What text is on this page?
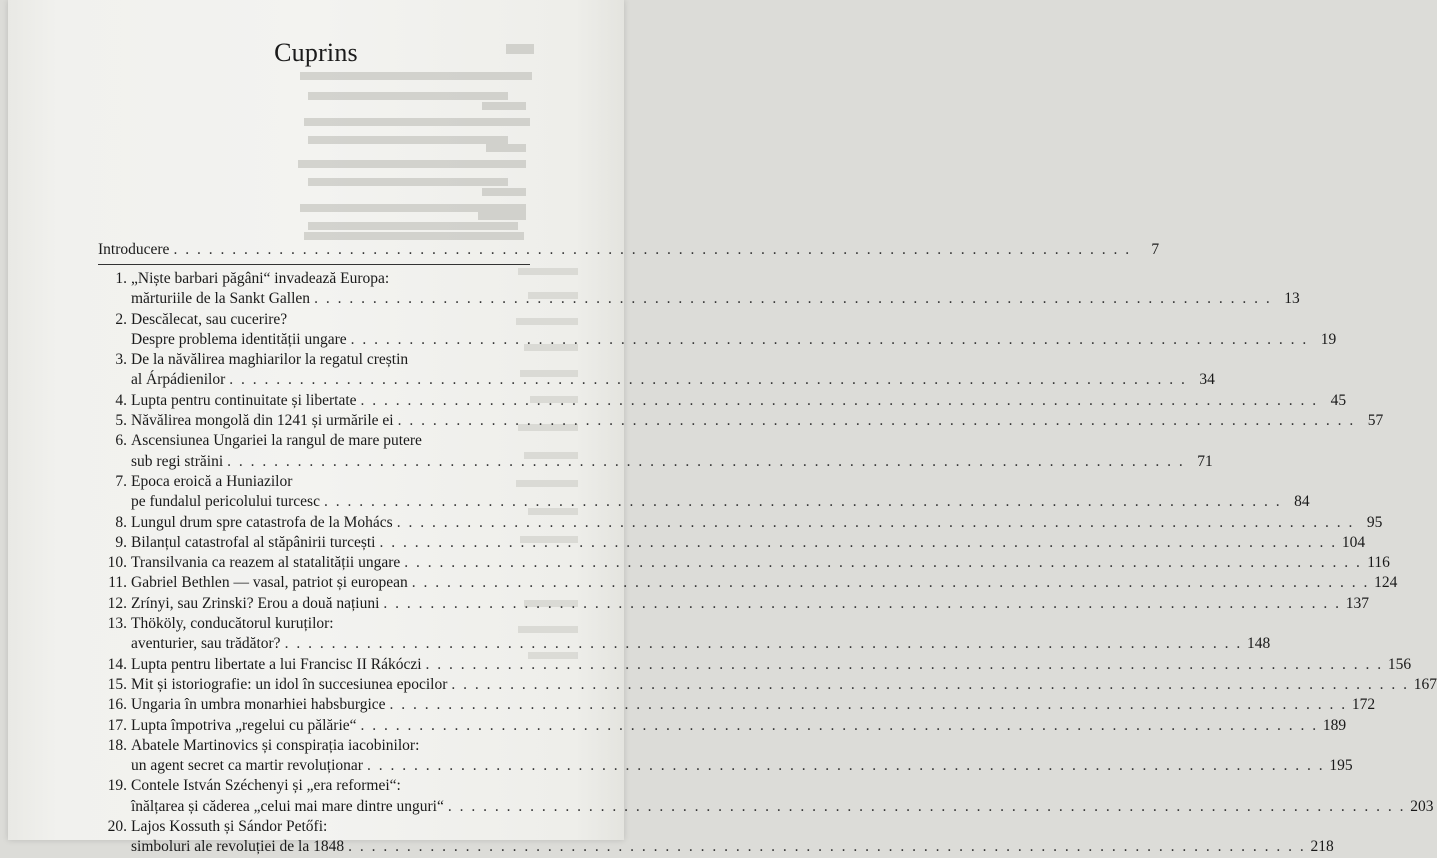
Cuprins
Introducere . . .	7
1. „Niște barbari păgâni“ invadează Europa:
mărturiile de la Sankt Gallen . . .	13
2. Descălecat, sau cucerire?
Despre problema identității ungare . . .	19
3. De la năvălirea maghiarilor la regatul creștin
al Árpádienilor . . .	34
4. Lupta pentru continuitate și libertate . . .	45
5. Năvălirea mongolă din 1241 și urmările ei . . .	57
6. Ascensiunea Ungariei la rangul de mare putere
sub regi străini . . .	71
7. Epoca eroică a Huniazilor
pe fundalul pericolului turcesc . . .	84
8. Lungul drum spre catastrofa de la Mohács . . .	95
9. Bilanțul catastrofal al stăpânirii turcești . . .	104
10. Transilvania ca reazem al statalității ungare . . .	116
11. Gabriel Bethlen — vasal, patriot și european . . .	124
12. Zrínyi, sau Zrinski? Erou a două națiuni . . .	137
13. Thököly, conducătorul kuruților:
aventurier, sau trădător? . . .	148
14. Lupta pentru libertate a lui Francisc II Rákóczi . . .	156
15. Mit și istoriografie: un idol în succesiunea epocilor . . .	167
16. Ungaria în umbra monarhiei habsburgice . . .	172
17. Lupta împotriva „regelui cu pălărie“ . . .	189
18. Abatele Martinovics și conspirația iacobinilor:
un agent secret ca martir revoluționar . . .	195
19. Contele István Széchenyi și „era reformei“:
înălțarea și căderea „celui mai mare dintre unguri“ . . .	203
20. Lajos Kossuth și Sándor Petőfi:
simboluri ale revoluției de la 1848 . . .	218
